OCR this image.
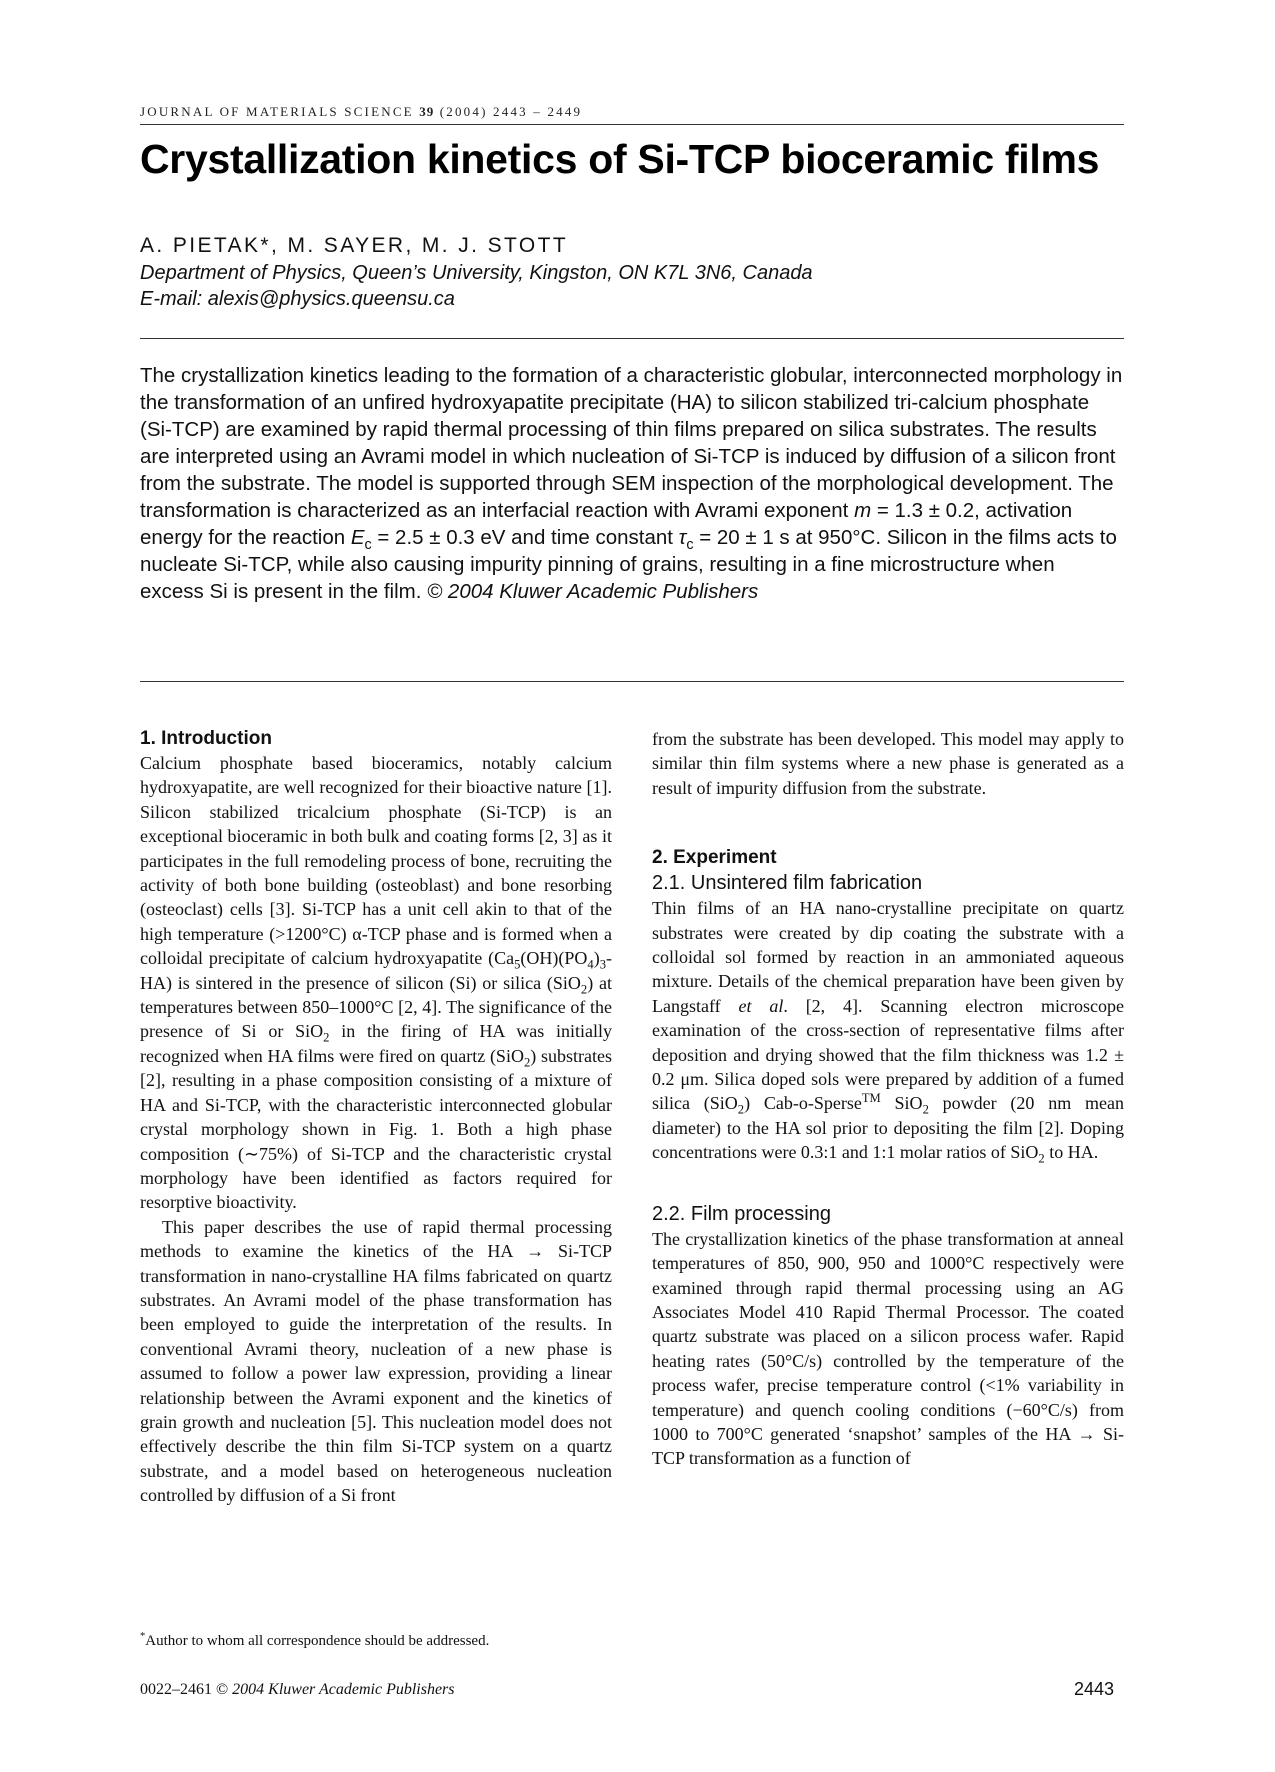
JOURNAL OF MATERIALS SCIENCE 39 (2004) 2443 – 2449
Crystallization kinetics of Si-TCP bioceramic films
A. PIETAK*, M. SAYER, M. J. STOTT
Department of Physics, Queen’s University, Kingston, ON K7L 3N6, Canada
E-mail: alexis@physics.queensu.ca
The crystallization kinetics leading to the formation of a characteristic globular, interconnected morphology in the transformation of an unfired hydroxyapatite precipitate (HA) to silicon stabilized tri-calcium phosphate (Si-TCP) are examined by rapid thermal processing of thin films prepared on silica substrates. The results are interpreted using an Avrami model in which nucleation of Si-TCP is induced by diffusion of a silicon front from the substrate. The model is supported through SEM inspection of the morphological development. The transformation is characterized as an interfacial reaction with Avrami exponent m = 1.3 ± 0.2, activation energy for the reaction $E_c = 2.5 \pm 0.3$ eV and time constant $\tau_c = 20 \pm 1$ s at 950°C. Silicon in the films acts to nucleate Si-TCP, while also causing impurity pinning of grains, resulting in a fine microstructure when excess Si is present in the film. © 2004 Kluwer Academic Publishers
1. Introduction

Calcium phosphate based bioceramics, notably calcium hydroxyapatite, are well recognized for their bioactive nature [1]. Silicon stabilized tricalcium phosphate (Si-TCP) is an exceptional bioceramic in both bulk and coating forms [2, 3] as it participates in the full remodeling process of bone, recruiting the activity of both bone building (osteoblast) and bone resorbing (osteoclast) cells [3]. Si-TCP has a unit cell akin to that of the high temperature (>1200°C) α-TCP phase and is formed when a colloidal precipitate of calcium hydroxyapatite $(Ca_5(OH)(PO_4)_3-HA)$ is sintered in the presence of silicon (Si) or silica (SiO$_2$) at temperatures between 850–1000°C [2, 4]. The significance of the presence of Si or SiO$_2$ in the firing of HA was initially recognized when HA films were fired on quartz (SiO$_2$) substrates [2], resulting in a phase composition consisting of a mixture of HA and Si-TCP, with the characteristic interconnected globular crystal morphology shown in Fig. 1. Both a high phase composition (∼75%) of Si-TCP and the characteristic crystal morphology have been identified as factors required for resorptive bioactivity.

This paper describes the use of rapid thermal processing methods to examine the kinetics of the HA → Si-TCP transformation in nano-crystalline HA films fabricated on quartz substrates. An Avrami model of the phase transformation has been employed to guide the interpretation of the results. In conventional Avrami theory, nucleation of a new phase is assumed to follow a power law expression, providing a linear relationship between the Avrami exponent and the kinetics of grain growth and nucleation [5]. This nucleation model does not effectively describe the thin film Si-TCP system on a quartz substrate, and a model based on heterogeneous nucleation controlled by diffusion of a Si front

from the substrate has been developed. This model may apply to similar thin film systems where a new phase is generated as a result of impurity diffusion from the substrate.

2. Experiment
2.1. Unsintered film fabrication

Thin films of an HA nano-crystalline precipitate on quartz substrates were created by dip coating the substrate with a colloidal sol formed by reaction in an ammoniated aqueous mixture. Details of the chemical preparation have been given by Langstaff et al. [2, 4]. Scanning electron microscope examination of the cross-section of representative films after deposition and drying showed that the film thickness was 1.2 ± 0.2 μm. Silica doped sols were prepared by addition of a fumed silica (SiO$_2$) Cab-o-Sperse™ SiO$_2$ powder (20 nm mean diameter) to the HA sol prior to depositing the film [2]. Doping concentrations were 0.3:1 and 1:1 molar ratios of SiO$_2$ to HA.

2.2. Film processing

The crystallization kinetics of the phase transformation at anneal temperatures of 850, 900, 950 and 1000°C respectively were examined through rapid thermal processing using an AG Associates Model 410 Rapid Thermal Processor. The coated quartz substrate was placed on a silicon process wafer. Rapid heating rates (50°C/s) controlled by the temperature of the process wafer, precise temperature control (<1% variability in temperature) and quench cooling conditions (−60°C/s) from 1000 to 700°C generated ‘snapshot’ samples of the HA → Si-TCP transformation as a function of

*Author to whom all correspondence should be addressed.
0022–2461 © 2004 Kluwer Academic Publishers	2443
